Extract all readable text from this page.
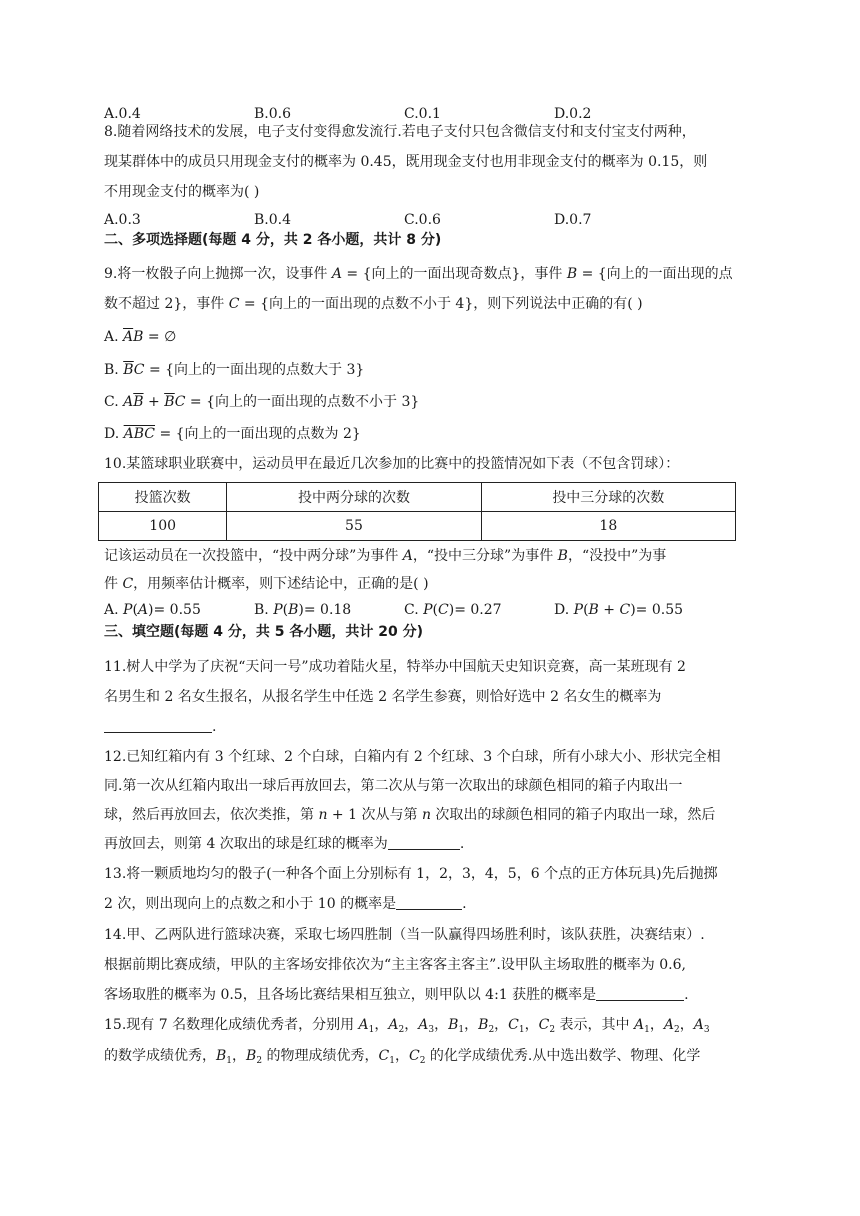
A.0.4	B.0.6	C.0.1	D.0.2
8.随着网络技术的发展，电子支付变得愈发流行.若电子支付只包含微信支付和支付宝支付两种，
现某群体中的成员只用现金支付的概率为 0.45，既用现金支付也用非现金支付的概率为 0.15，则
不用现金支付的概率为( )
A.0.3	B.0.4	C.0.6	D.0.7
二、多项选择题(每题 4 分，共 2 各小题，共计 8 分)
9.将一枚骰子向上抛掷一次，设事件 A = {向上的一面出现奇数点}，事件 B = {向上的一面出现的点
数不超过 2}，事件 C = {向上的一面出现的点数不小于 4}，则下列说法中正确的有( )
A. $\overline{A}B$ = ∅
B. $\overline{B}C$ = {向上的一面出现的点数大于 3}
C. $A\overline{B} + \overline{B}C$ = {向上的一面出现的点数不小于 3}
D. $\overline{ABC}$ = {向上的一面出现的点数为 2}
10.某篮球职业联赛中，运动员甲在最近几次参加的比赛中的投篮情况如下表（不包含罚球）：
投篮次数	投中两分球的次数	投中三分球的次数
100	55	18
记该运动员在一次投篮中，“投中两分球”为事件 A，“投中三分球”为事件 B，“没投中”为事
件 C，用频率估计概率，则下述结论中，正确的是( )
A. P(A) = 0.55	B. P(B) = 0.18	C. P(C) = 0.27	D. P(B + C) = 0.55
三、填空题(每题 4 分，共 5 各小题，共计 20 分)
11.树人中学为了庆祝“天问一号”成功着陆火星，特举办中国航天史知识竞赛，高一某班现有 2
名男生和 2 名女生报名，从报名学生中任选 2 名学生参赛，则恰好选中 2 名女生的概率为
.
12.已知红箱内有 3 个红球、2 个白球，白箱内有 2 个红球、3 个白球，所有小球大小、形状完全相
同.第一次从红箱内取出一球后再放回去，第二次从与第一次取出的球颜色相同的箱子内取出一
球，然后再放回去，依次类推，第 n + 1 次从与第 n 次取出的球颜色相同的箱子内取出一球，然后
再放回去，则第 4 次取出的球是红球的概率为	.
13.将一颗质地均匀的骰子(一种各个面上分别标有 1，2，3，4，5，6 个点的正方体玩具)先后抛掷
2 次，则出现向上的点数之和小于 10 的概率是	.
14.甲、乙两队进行篮球决赛，采取七场四胜制（当一队赢得四场胜利时，该队获胜，决赛结束）.
根据前期比赛成绩，甲队的主客场安排依次为“主主客客主客主”.设甲队主场取胜的概率为 0.6,
客场取胜的概率为 0.5，且各场比赛结果相互独立，则甲队以 4:1 获胜的概率是	.
15.现有 7 名数理化成绩优秀者，分别用 $A_1$，$A_2$，$A_3$，$B_1$，$B_2$，$C_1$，$C_2$ 表示，其中 $A_1$，$A_2$，$A_3$
的数学成绩优秀，$B_1$，$B_2$ 的物理成绩优秀，$C_1$，$C_2$ 的化学成绩优秀.从中选出数学、物理、化学
